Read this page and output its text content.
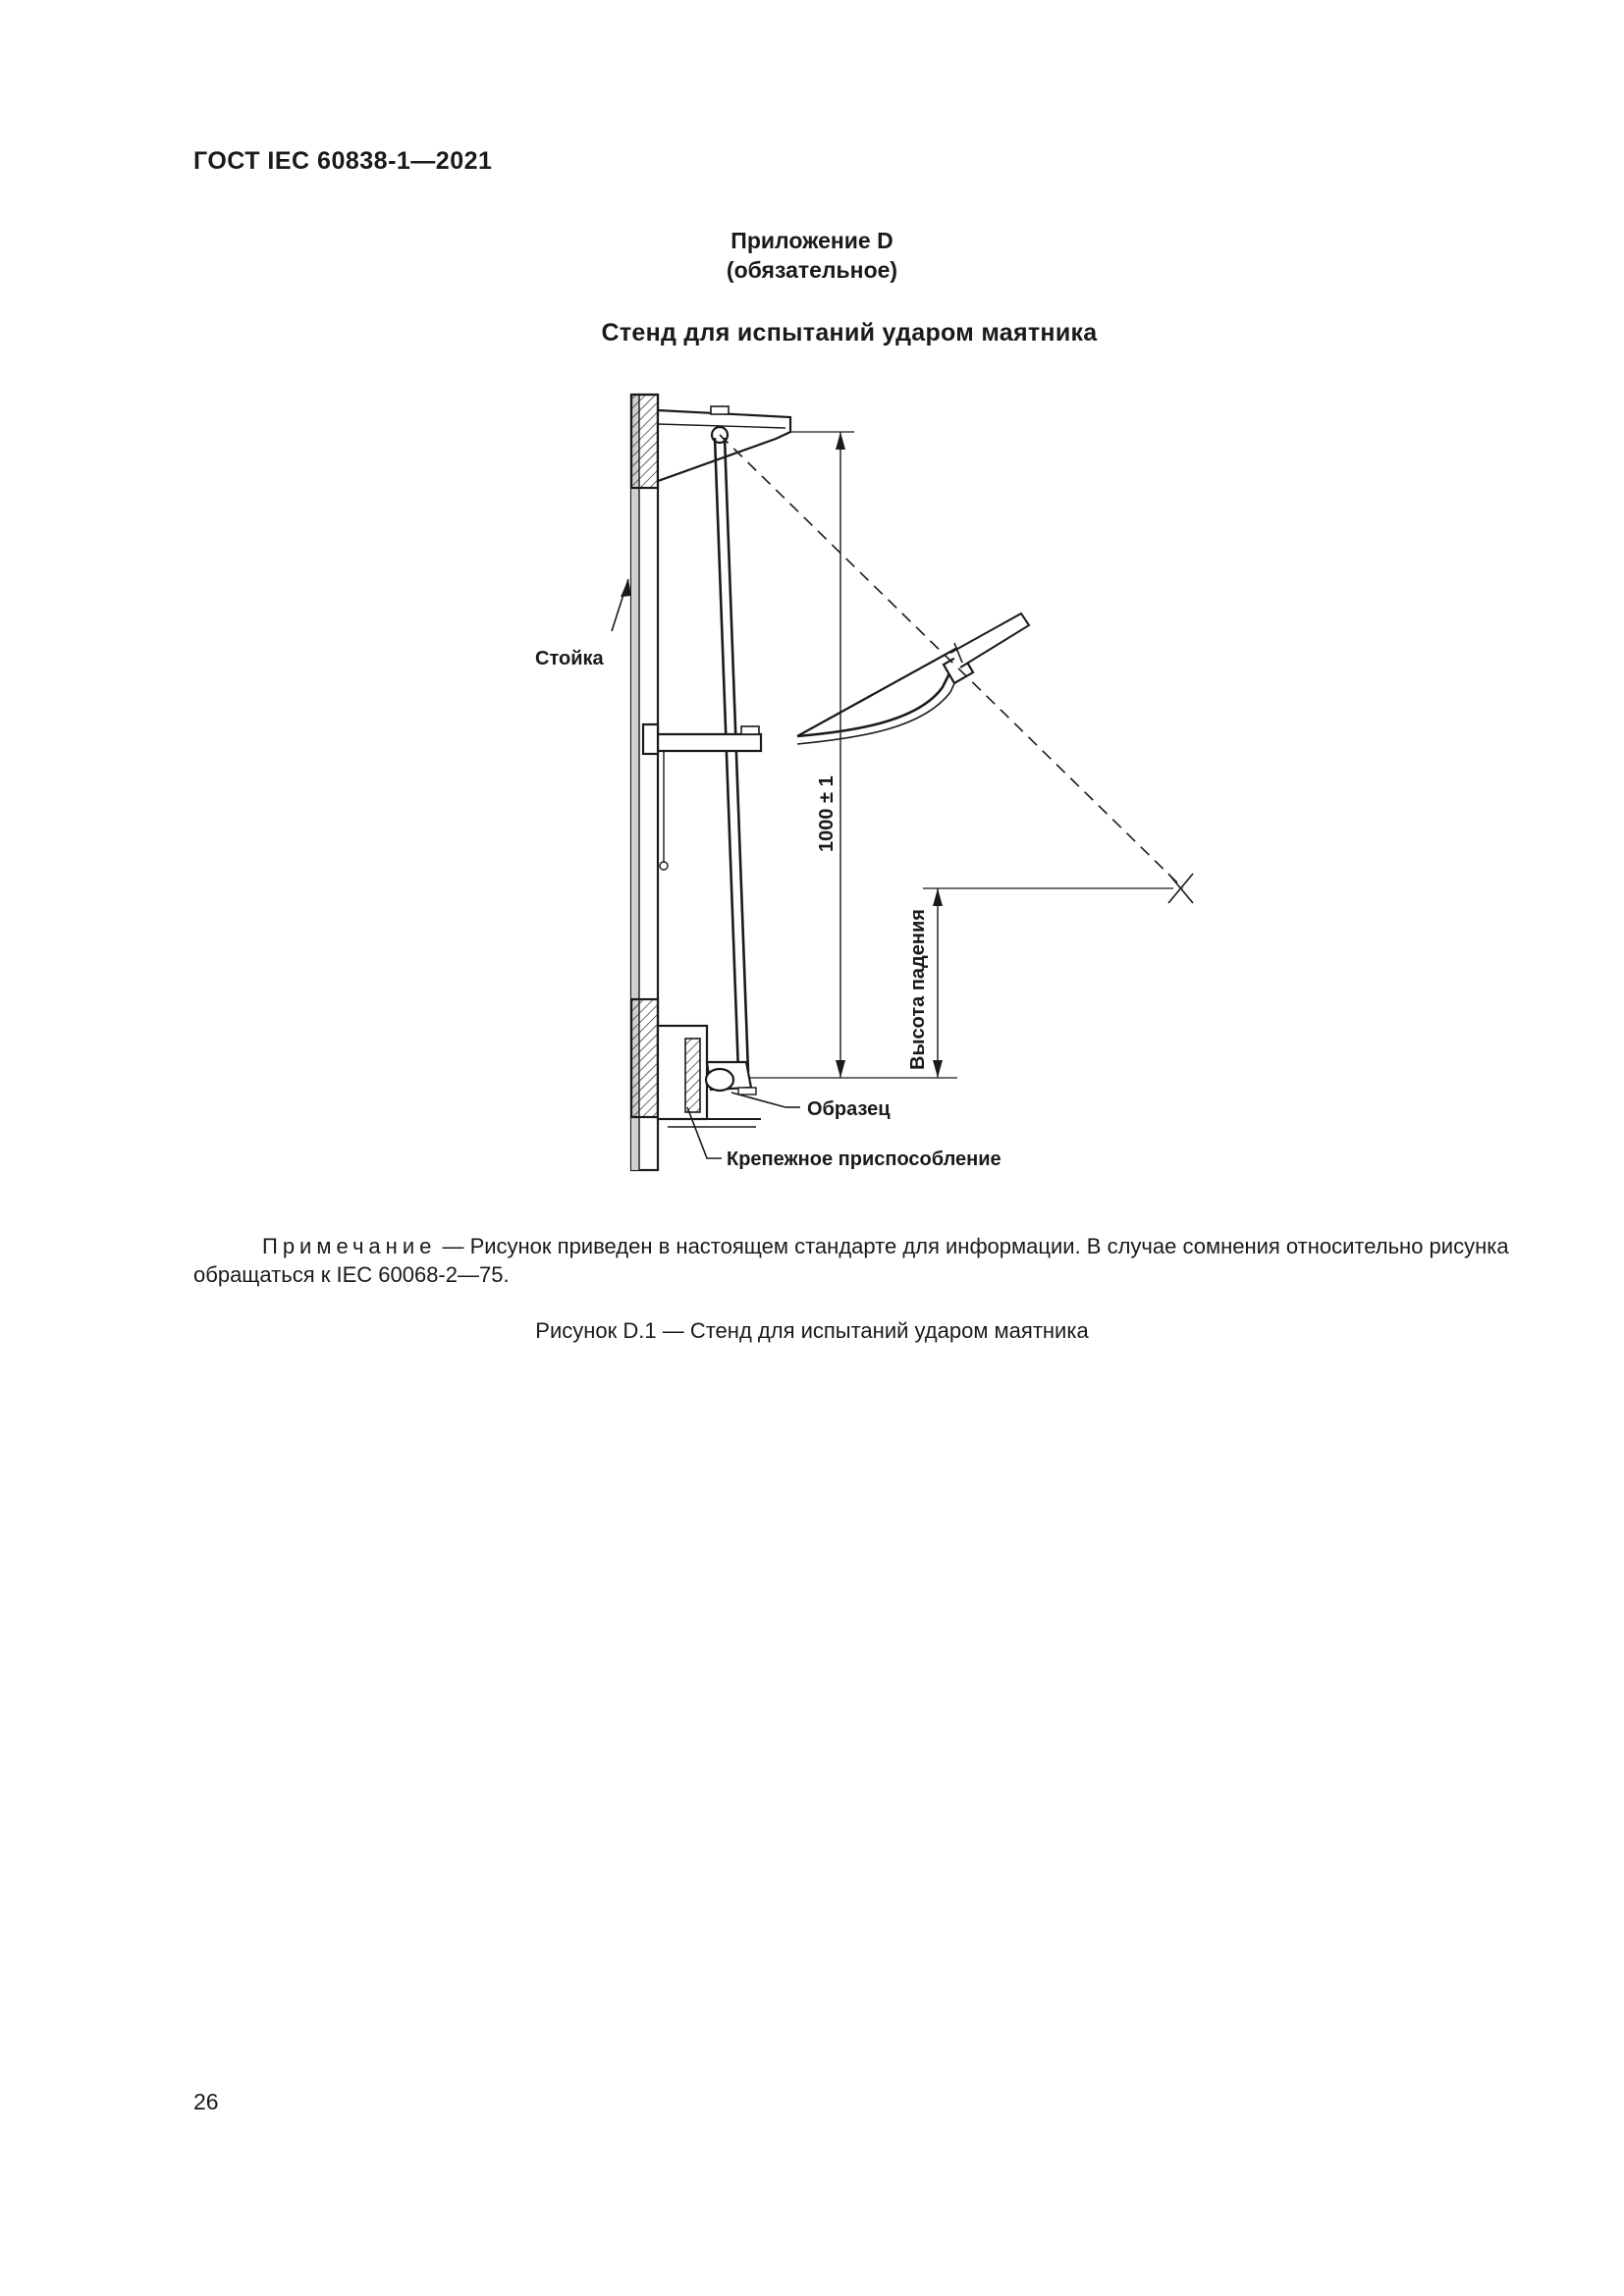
ГОСТ IEC 60838-1—2021
Приложение D
(обязательное)
Стенд для испытаний ударом маятника
Стойка
1000 ± 1
Высота падения
Образец
Крепежное приспособление
Примечание — Рисунок приведен в настоящем стандарте для информации. В случае сомнения относительно рисунка обращаться к IEC 60068-2—75.
Рисунок D.1 — Стенд для испытаний ударом маятника
26
